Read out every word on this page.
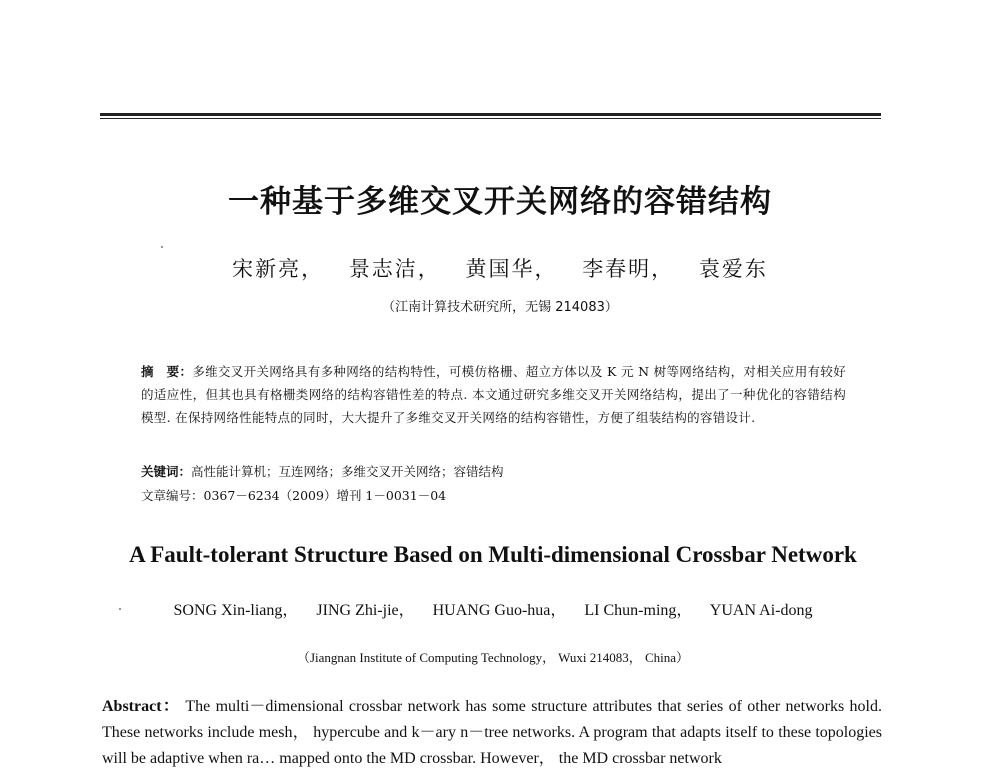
一种基于多维交叉开关网络的容错结构
宋新亮， 景志洁， 黄国华， 李春明， 袁爱东
（江南计算技术研究所，无锡 214083）
摘　要：多维交叉开关网络具有多种网络的结构特性，可模仿格栅、超立方体以及 K 元 N 树等网络结构，对相关应用有较好的适应性，但其也具有格栅类网络的结构容错性差的特点. 本文通过研究多维交叉开关网络结构，提出了一种优化的容错结构模型. 在保持网络性能特点的同时，大大提升了多维交叉开关网络的结构容错性，方便了组装结构的容错设计.
关键词：高性能计算机；互连网络；多维交叉开关网络；容错结构
文章编号：0367－6234（2009）增刊 1－0031－04
A Fault-tolerant Structure Based on Multi-dimensional Crossbar Network
SONG Xin-liang， JING Zhi-jie， HUANG Guo-hua， LI Chun-ming， YUAN Ai-dong
（Jiangnan Institute of Computing Technology， Wuxi 214083， China）
Abstract： The multi－dimensional crossbar network has some structure attributes that series of other networks hold. These networks include mesh， hypercube and k－ary n－tree networks. A program that adapts itself to these topologies will be adaptive when ra… mapped onto the MD crossbar. However， the MD crossbar network
